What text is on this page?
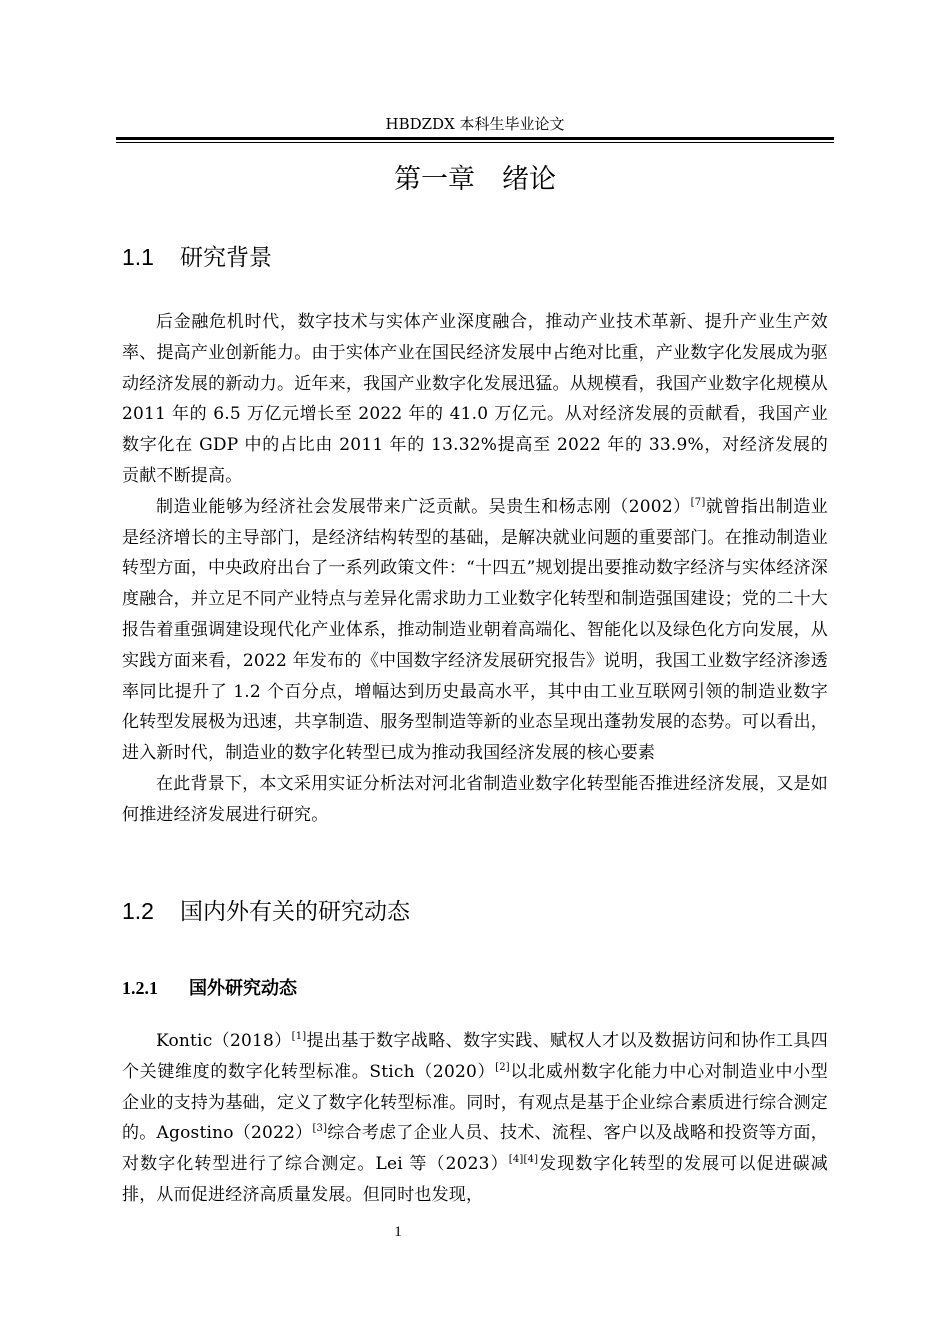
HBDZDX 本科生毕业论文
第一章　绪论
1.1 研究背景

后金融危机时代，数字技术与实体产业深度融合，推动产业技术革新、提升产业生产效率、提高产业创新能力。由于实体产业在国民经济发展中占绝对比重，产业数字化发展成为驱动经济发展的新动力。近年来，我国产业数字化发展迅猛。从规模看，我国产业数字化规模从 2011 年的 6.5 万亿元增长至 2022 年的 41.0 万亿元。从对经济发展的贡献看，我国产业数字化在 GDP 中的占比由 2011 年的 13.32%提高至 2022 年的 33.9%，对经济发展的贡献不断提高。

制造业能够为经济社会发展带来广泛贡献。吴贵生和杨志刚（2002）[7]就曾指出制造业是经济增长的主导部门，是经济结构转型的基础，是解决就业问题的重要部门。在推动制造业转型方面，中央政府出台了一系列政策文件：“十四五”规划提出要推动数字经济与实体经济深度融合，并立足不同产业特点与差异化需求助力工业数字化转型和制造强国建设；党的二十大报告着重强调建设现代化产业体系，推动制造业朝着高端化、智能化以及绿色化方向发展，从实践方面来看，2022 年发布的《中国数字经济发展研究报告》说明，我国工业数字经济渗透率同比提升了 1.2 个百分点，增幅达到历史最高水平，其中由工业互联网引领的制造业数字化转型发展极为迅速，共享制造、服务型制造等新的业态呈现出蓬勃发展的态势。可以看出，进入新时代，制造业的数字化转型已成为推动我国经济发展的核心要素

在此背景下，本文采用实证分析法对河北省制造业数字化转型能否推进经济发展，又是如何推进经济发展进行研究。

1.2 国内外有关的研究动态
1.2.1 国外研究动态

Kontic（2018）[1]提出基于数字战略、数字实践、赋权人才以及数据访问和协作工具四个关键维度的数字化转型标准。Stich（2020）[2]以北威州数字化能力中心对制造业中小型企业的支持为基础，定义了数字化转型标准。同时，有观点是基于企业综合素质进行综合测定的。Agostino（2022）[3]综合考虑了企业人员、技术、流程、客户以及战略和投资等方面，对数字化转型进行了综合测定。Lei 等（2023）[4][4]发现数字化转型的发展可以促进碳减排，从而促进经济高质量发展。但同时也发现，

1
